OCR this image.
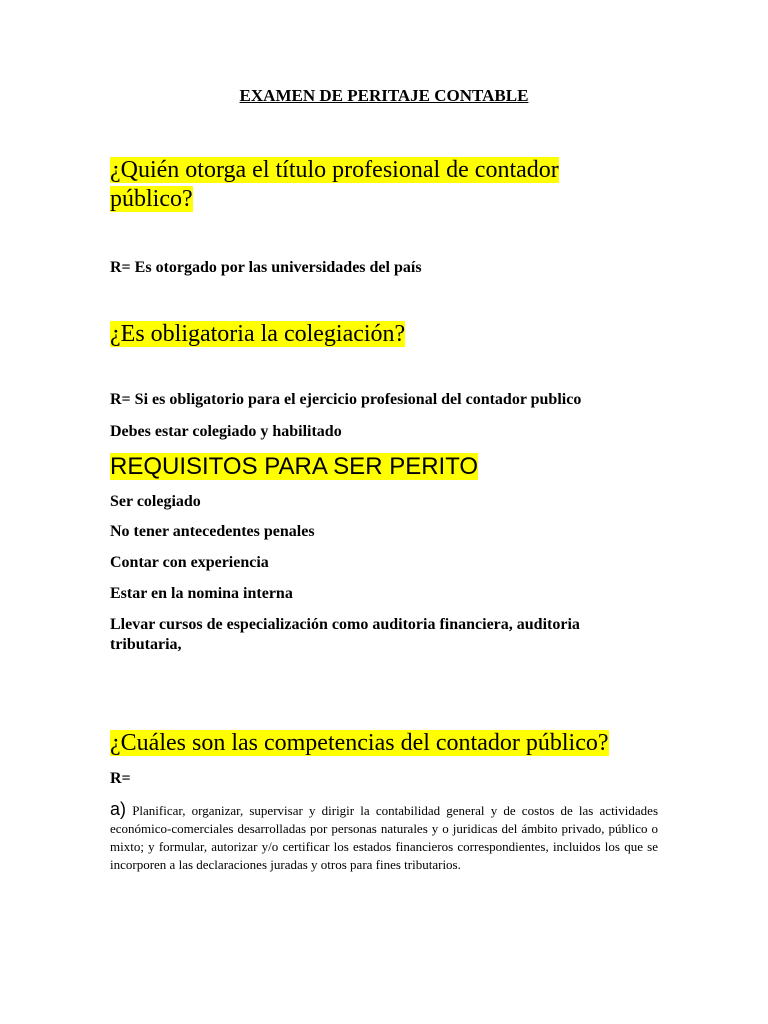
EXAMEN DE PERITAJE CONTABLE
¿Quién otorga el título profesional de contador
público?
R= Es otorgado por las universidades del país
¿Es obligatoria la colegiación?
R= Si es obligatorio para el ejercicio profesional del contador publico
Debes estar colegiado y habilitado
REQUISITOS PARA SER PERITO
Ser colegiado
No tener antecedentes penales
Contar con experiencia
Estar en la nomina interna
Llevar cursos de especialización como auditoria financiera, auditoria
tributaria,
¿Cuáles son las competencias del contador público?
R=
a) Planificar, organizar, supervisar y dirigir la contabilidad general y de costos de las actividades económico-comerciales desarrolladas por personas naturales y o juridicas del ámbito privado, público o mixto; y formular, autorizar y/o certificar los estados financieros correspondientes, incluidos los que se incorporen a las declaraciones juradas y otros para fines tributarios.
